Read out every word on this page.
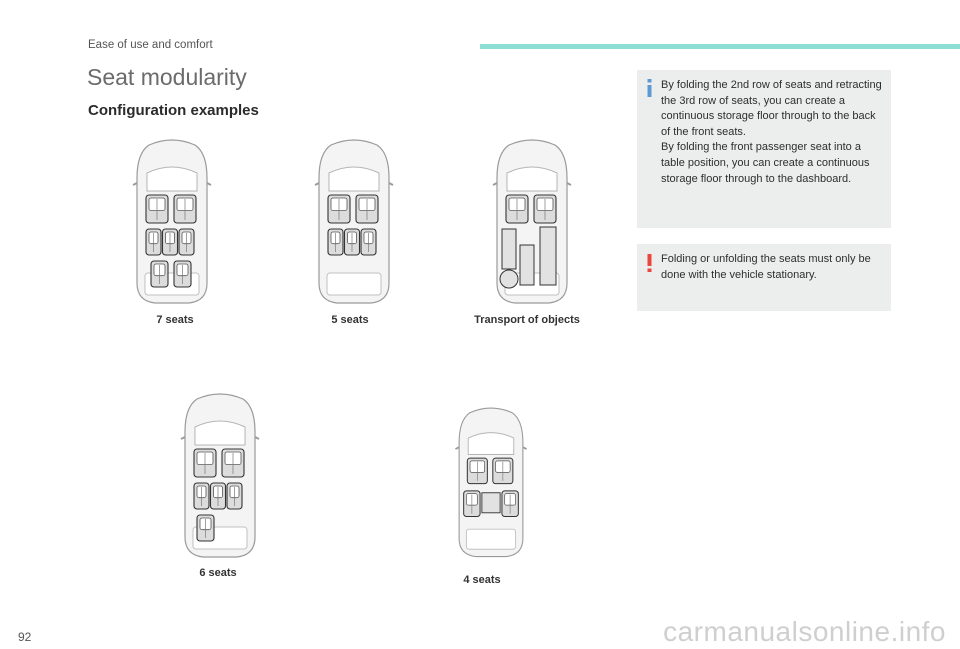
Ease of use and comfort
Seat modularity
Configuration examples
7 seats	5 seats	Transport of objects
6 seats
4 seats

By folding the 2nd row of seats and retracting the 3rd row of seats, you can create a continuous storage floor through to the back of the front seats.

By folding the front passenger seat into a table position, you can create a continuous storage floor through to the dashboard.

Folding or unfolding the seats must only be done with the vehicle stationary.
92	carmanualsonline.info
